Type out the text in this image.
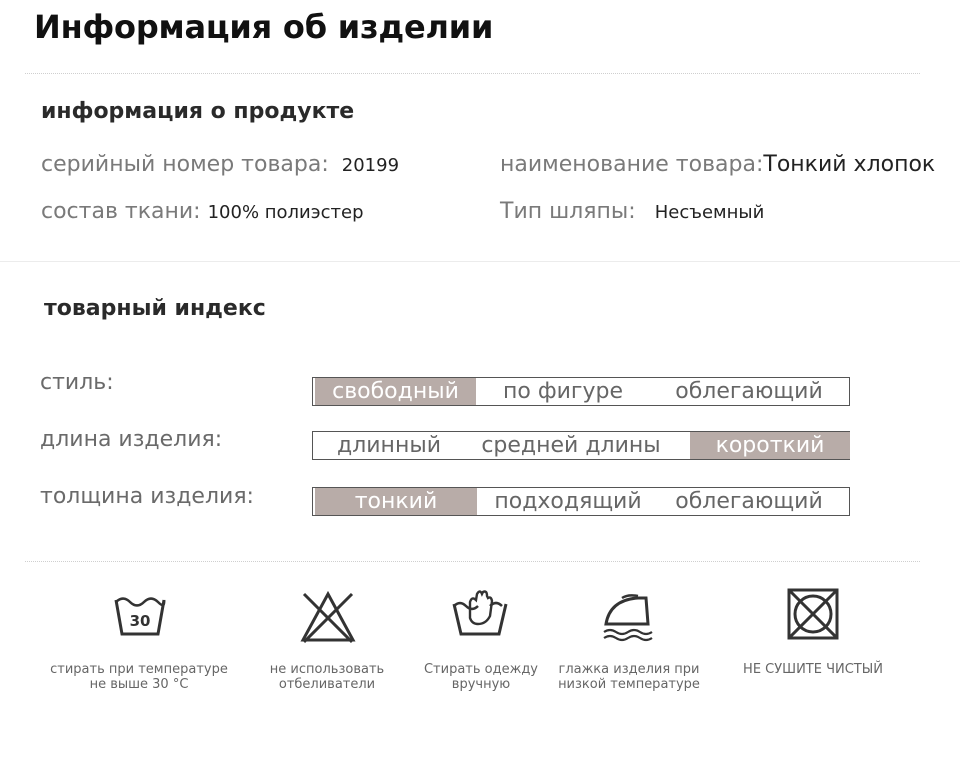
Информация об изделии
информация о продукте
серийный номер товара: 20199	наименование товара:Тонкий хлопок
состав ткани: 100% полиэстер	Тип шляпы: Несъемный
товарный индекс
стиль:	свободный	по фигуре	облегающий
длина изделия:	длинный	средней длины	короткий
толщина изделия:	тонкий	подходящий	облегающий
30
стирать при температуре
не выше 30 °C
не использовать
отбеливатели
Стирать одежду
вручную
глажка изделия при
низкой температуре
НЕ СУШИТЕ ЧИСТЫЙ
